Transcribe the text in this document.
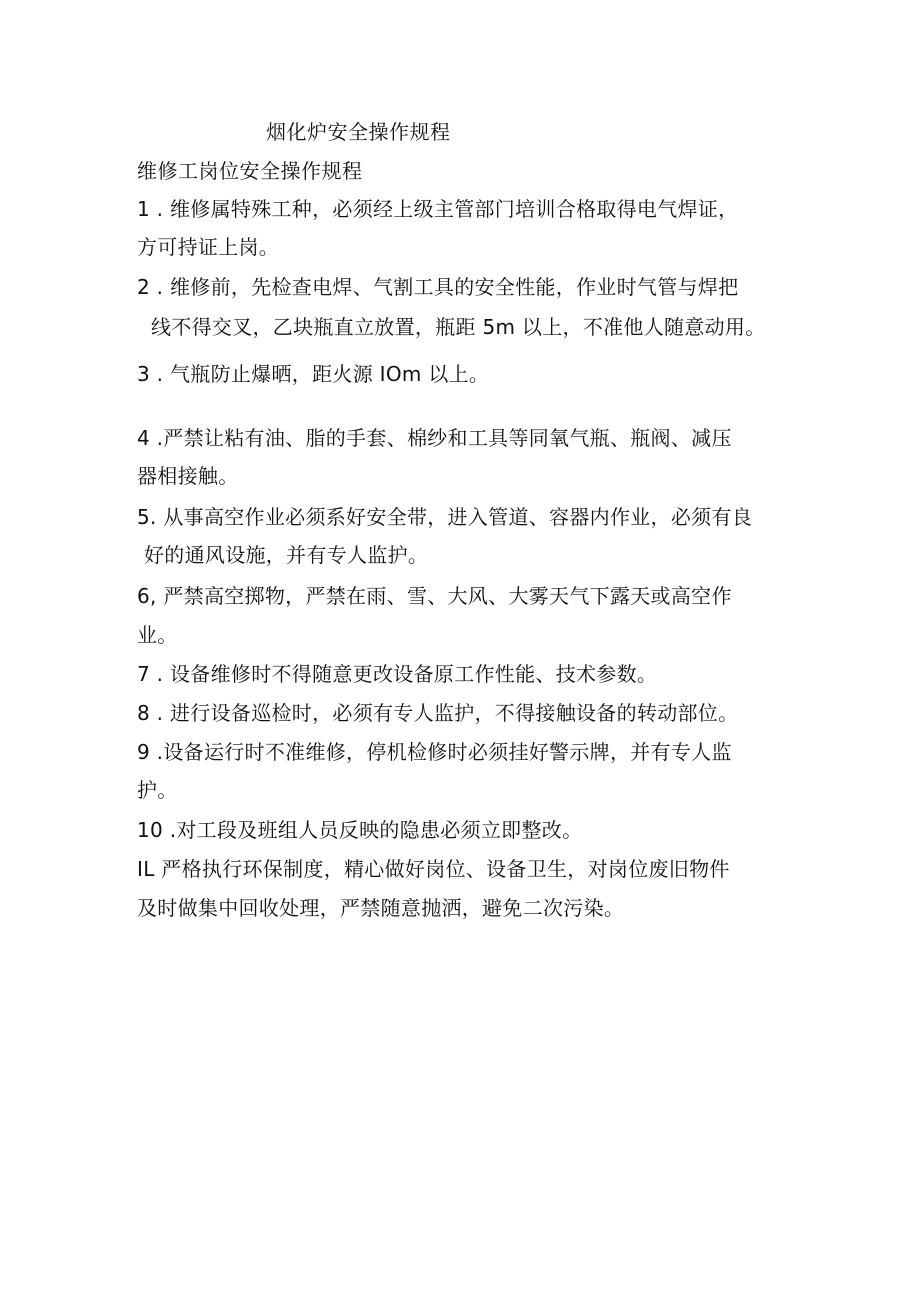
烟化炉安全操作规程
维修工岗位安全操作规程
1 . 维修属特殊工种，必须经上级主管部门培训合格取得电气焊证，
方可持证上岗。
2 . 维修前，先检查电焊、气割工具的安全性能，作业时气管与焊把
线不得交叉，乙块瓶直立放置，瓶距 5m 以上，不准他人随意动用。
3 . 气瓶防止爆晒，距火源 IOm 以上。
4 .严禁让粘有油、脂的手套、棉纱和工具等同氧气瓶、瓶阀、减压
器相接触。
5. 从事高空作业必须系好安全带，进入管道、容器内作业，必须有良
好的通风设施，并有专人监护。
6, 严禁高空掷物，严禁在雨、雪、大风、大雾天气下露天或高空作
业。
7 . 设备维修时不得随意更改设备原工作性能、技术参数。
8 . 进行设备巡检时，必须有专人监护，不得接触设备的转动部位。
9 .设备运行时不准维修，停机检修时必须挂好警示牌，并有专人监
护。
10 .对工段及班组人员反映的隐患必须立即整改。
IL 严格执行环保制度，精心做好岗位、设备卫生，对岗位废旧物件
及时做集中回收处理，严禁随意抛洒，避免二次污染。
